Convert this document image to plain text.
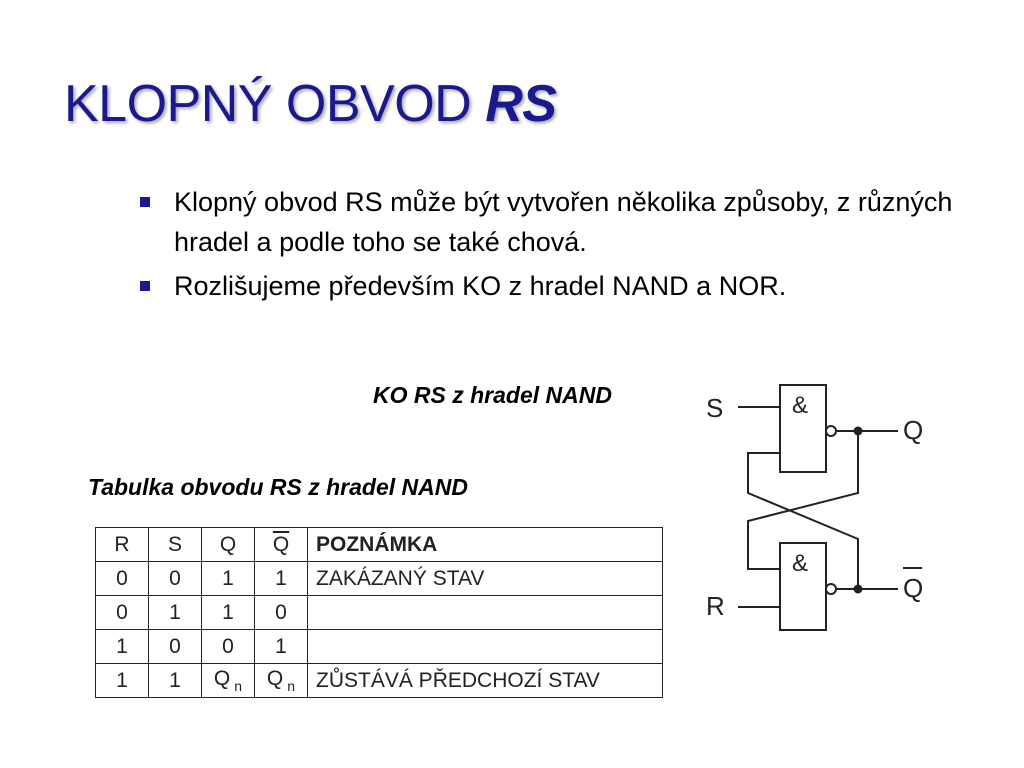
KLOPNÝ OBVOD RS
Klopný obvod RS může být vytvořen několika způsoby, z různých hradel a podle toho se také chová.
Rozlišujeme především KO z hradel NAND a NOR.
KO RS z hradel NAND
Tabulka obvodu RS z hradel NAND
R	S	Q	$\overline{Q}$	POZNÁMKA
0	0	1	1	ZAKÁZANÝ STAV
0	1	1	0	
1	0	0	1	
1	1	Q $_n$	Q $_n$	ZŮSTÁVÁ PŘEDCHOZÍ STAV
&
&
S
R
Q
Q
